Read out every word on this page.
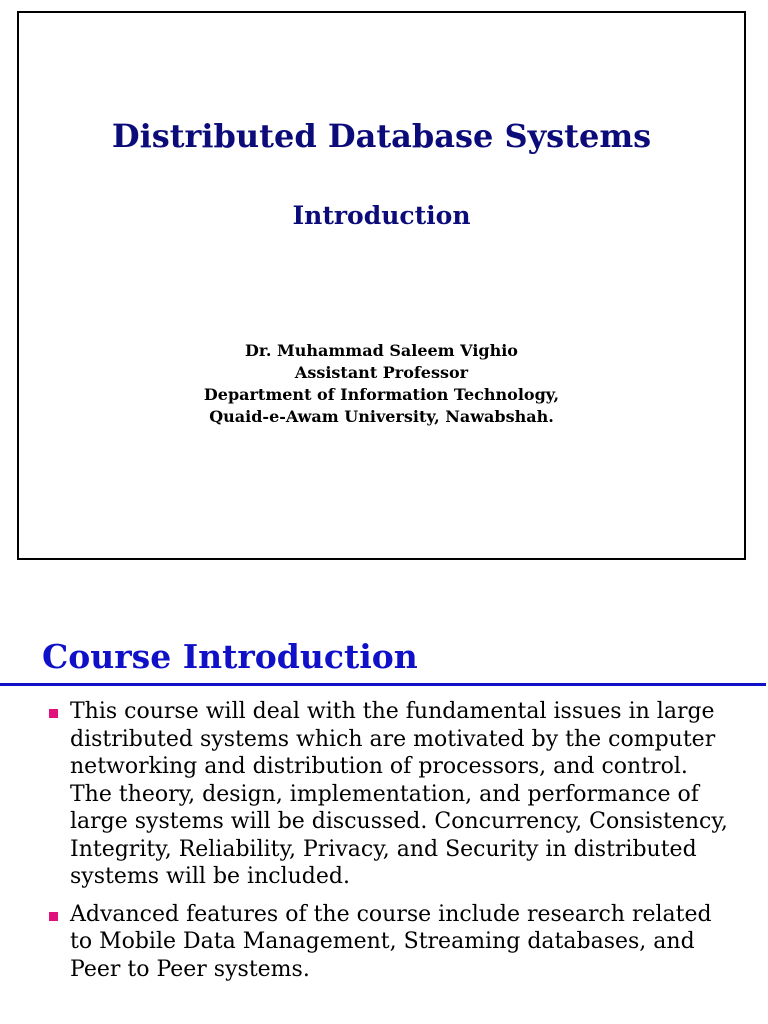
Distributed Database Systems
Introduction
Dr. Muhammad Saleem Vighio
Assistant Professor
Department of Information Technology,
Quaid-e-Awam University, Nawabshah.
Course Introduction
This course will deal with the fundamental issues in large distributed systems which are motivated by the computer networking and distribution of processors, and control. The theory, design, implementation, and performance of large systems will be discussed. Concurrency, Consistency, Integrity, Reliability, Privacy, and Security in distributed systems will be included.
Advanced features of the course include research related to Mobile Data Management, Streaming databases, and Peer to Peer systems.
